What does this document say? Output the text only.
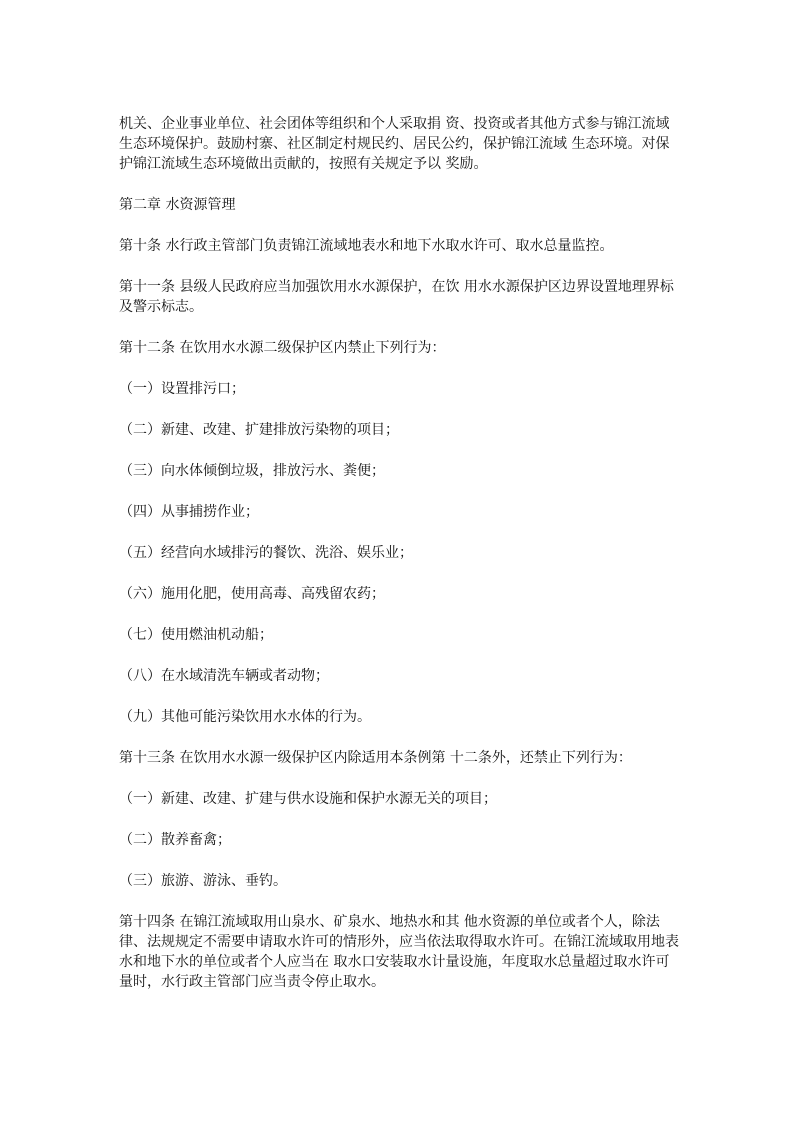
机关、企业事业单位、社会团体等组织和个人采取捐 资、投资或者其他方式参与锦江流域生态环境保护。鼓励村寨、社区制定村规民约、居民公约，保护锦江流域 生态环境。对保护锦江流域生态环境做出贡献的，按照有关规定予以 奖励。

第二章 水资源管理

第十条 水行政主管部门负责锦江流域地表水和地下水取水许可、取水总量监控。

第十一条 县级人民政府应当加强饮用水水源保护，在饮 用水水源保护区边界设置地理界标及警示标志。

第十二条 在饮用水水源二级保护区内禁止下列行为：

（一）设置排污口；

（二）新建、改建、扩建排放污染物的项目；

（三）向水体倾倒垃圾，排放污水、粪便；

（四）从事捕捞作业；

（五）经营向水域排污的餐饮、洗浴、娱乐业；

（六）施用化肥，使用高毒、高残留农药；

（七）使用燃油机动船；

（八）在水域清洗车辆或者动物；

（九）其他可能污染饮用水水体的行为。

第十三条 在饮用水水源一级保护区内除适用本条例第 十二条外，还禁止下列行为：

（一）新建、改建、扩建与供水设施和保护水源无关的项目；

（二）散养畜禽；

（三）旅游、游泳、垂钓。

第十四条 在锦江流域取用山泉水、矿泉水、地热水和其 他水资源的单位或者个人，除法律、法规规定不需要申请取水许可的情形外，应当依法取得取水许可。在锦江流域取用地表水和地下水的单位或者个人应当在 取水口安装取水计量设施，年度取水总量超过取水许可量时，水行政主管部门应当责令停止取水。
